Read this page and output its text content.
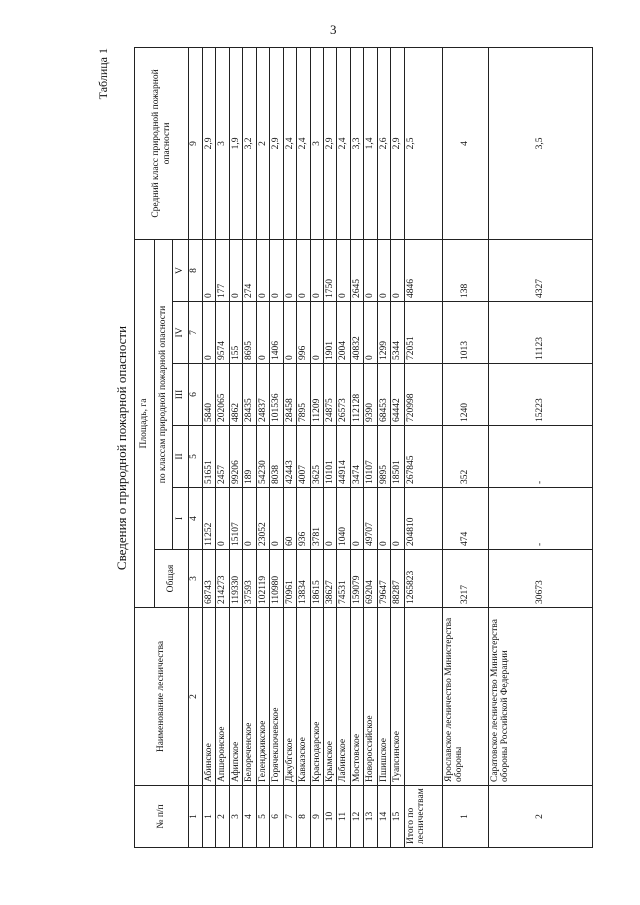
3
Таблица 1
Сведения о природной пожарной опасности
№ п/п	Наименование лесничества	Площадь, га						Средний класс природной пожарной опасности
		Общая	по классам природной пожарной опасности					
			I	II	III	IV	V	
1	2	3	4	5	6	7	8	9
1	Абинское	68743	11252	51651	5840	0	0	2,9
2	Апшеронское	214273	0	2457	202065	9574	177	3
3	Афипское	119330	15107	99206	4862	155	0	1,9
4	Белореченское	37593	0	189	28435	8695	274	3,2
5	Геленджикское	102119	23052	54230	24837	0	0	2
6	Горячеключевское	110980	0	8038	101536	1406	0	2,9
7	Джубгское	70961	60	42443	28458	0	0	2,4
8	Кавказское	13834	936	4007	7895	996	0	2,4
9	Краснодарское	18615	3781	3625	11209	0	0	3
10	Крымское	38627	0	10101	24875	1901	1750	2,9
11	Лабинское	74531	1040	44914	26573	2004	0	2,4
12	Мостовское	159079	0	3474	112128	40832	2645	3,3
13	Новороссийское	69204	49707	10107	9390	0	0	1,4
14	Пшишское	79647	0	9895	68453	1299	0	2,6
15	Туапсинское	88287	0	18501	64442	5344	0	2,9
Итого по лесничествам		1265823	204810	267845	720998	72051	4846	2,5
1	Ярославское лесничество Министерства обороны	3217	474	352	1240	1013	138	4
2	Саратовское лесничество Министерства обороны Российской Федерации	30673	-	-	15223	11123	4327	3,5
